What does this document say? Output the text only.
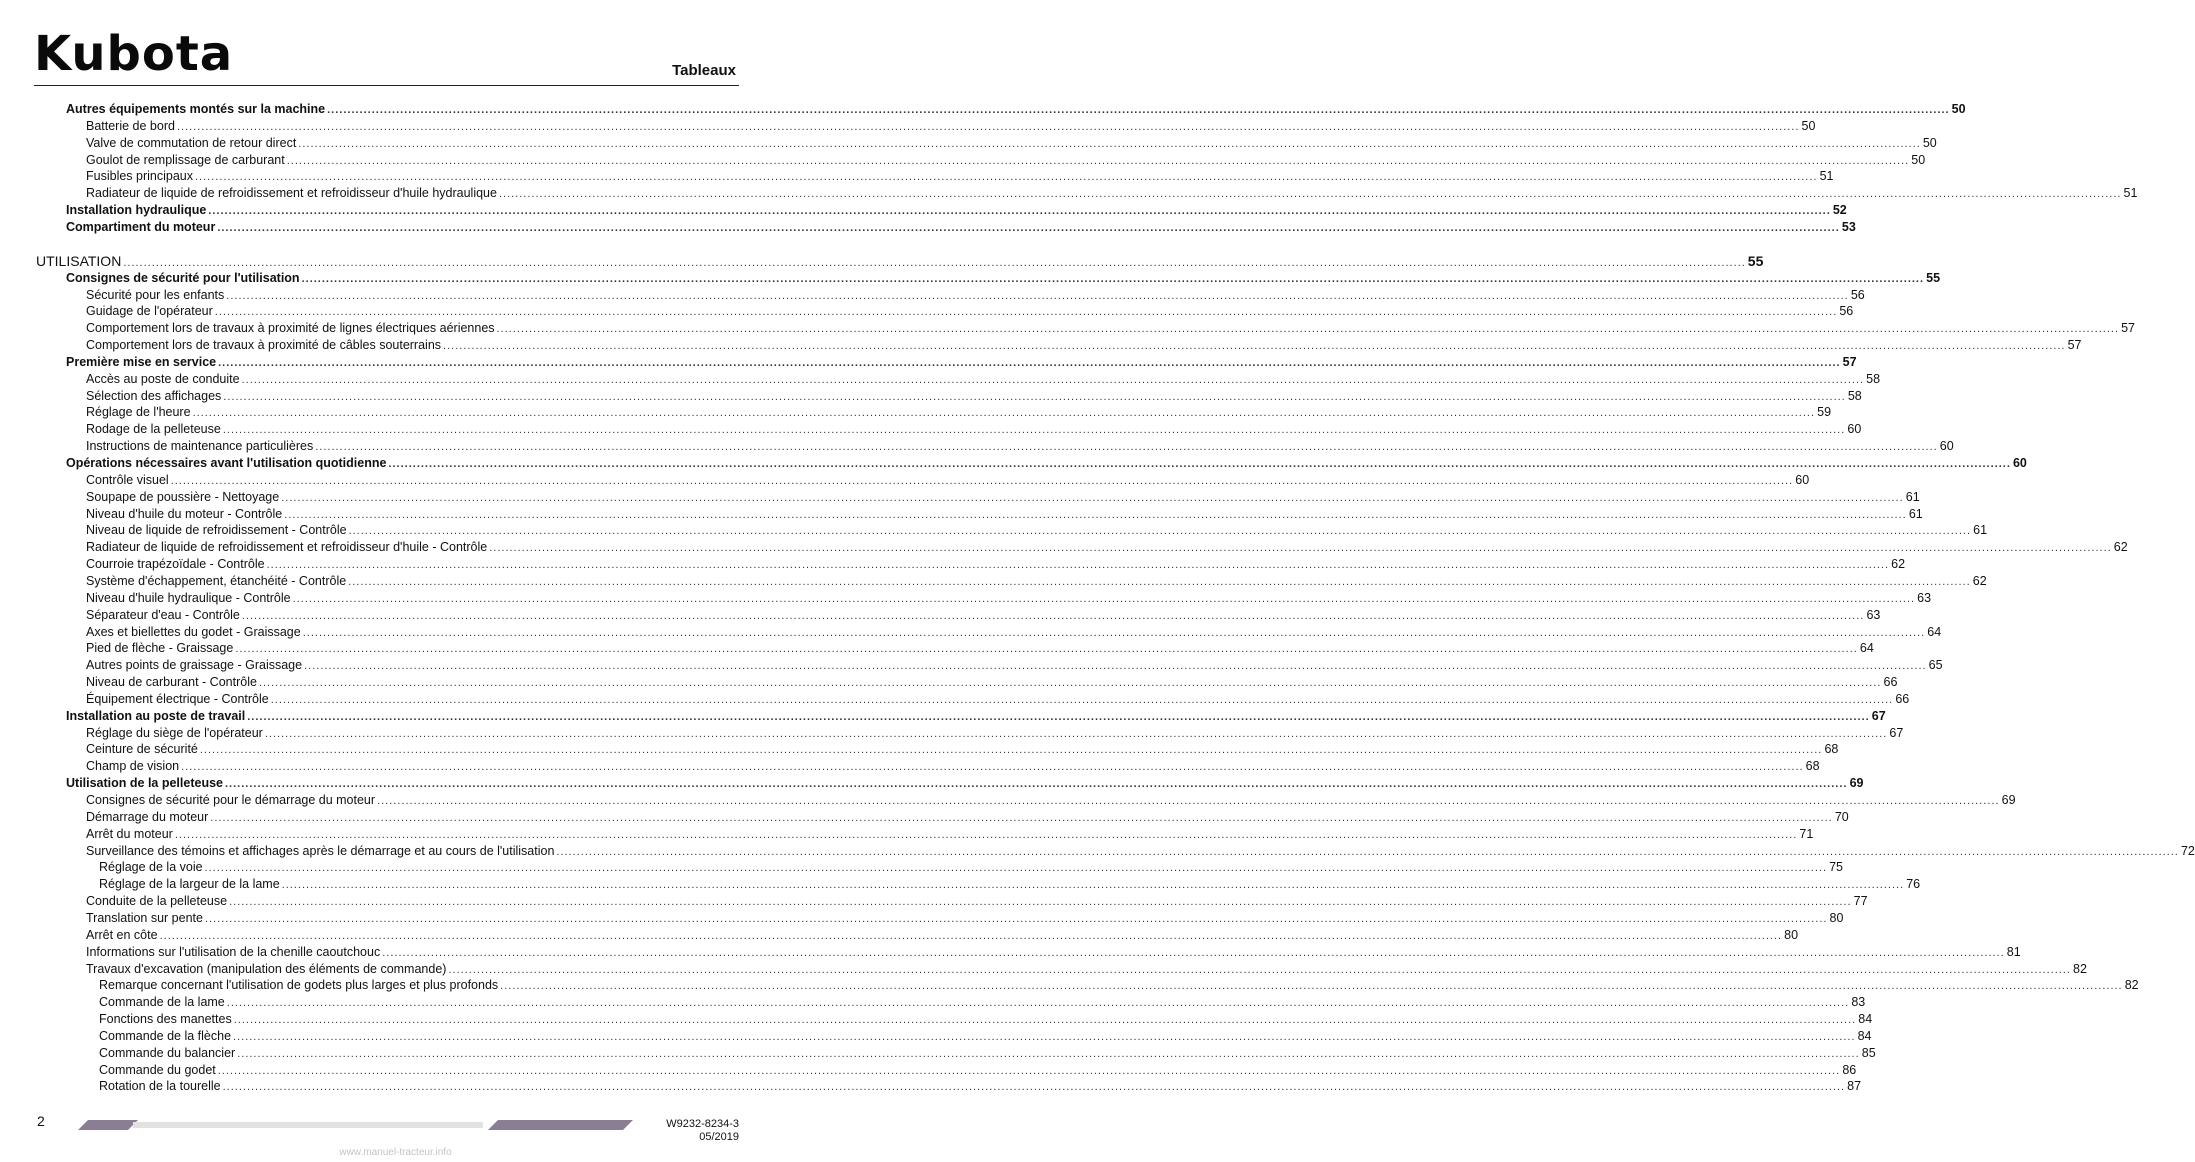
Kubota	Tableaux
Autres équipements montés sur la machine ................................................................................................................................................................................................................................................................................................................................................................................................................ 50
Batterie de bord ................................................................................................................................................................................................................................................................................................................................................................................................................ 50
Valve de commutation de retour direct ................................................................................................................................................................................................................................................................................................................................................................................................................ 50
Goulot de remplissage de carburant ................................................................................................................................................................................................................................................................................................................................................................................................................ 50
Fusibles principaux ................................................................................................................................................................................................................................................................................................................................................................................................................ 51
Radiateur de liquide de refroidissement et refroidisseur d'huile hydraulique ................................................................................................................................................................................................................................................................................................................................................................................................................ 51
Installation hydraulique ................................................................................................................................................................................................................................................................................................................................................................................................................ 52
Compartiment du moteur ................................................................................................................................................................................................................................................................................................................................................................................................................ 53
UTILISATION ................................................................................................................................................................................................................................................................................................................................................................................................................ 55
Consignes de sécurité pour l'utilisation ................................................................................................................................................................................................................................................................................................................................................................................................................ 55
Sécurité pour les enfants ................................................................................................................................................................................................................................................................................................................................................................................................................ 56
Guidage de l'opérateur ................................................................................................................................................................................................................................................................................................................................................................................................................ 56
Comportement lors de travaux à proximité de lignes électriques aériennes ................................................................................................................................................................................................................................................................................................................................................................................................................ 57
Comportement lors de travaux à proximité de câbles souterrains ................................................................................................................................................................................................................................................................................................................................................................................................................ 57
Première mise en service ................................................................................................................................................................................................................................................................................................................................................................................................................ 57
Accès au poste de conduite ................................................................................................................................................................................................................................................................................................................................................................................................................ 58
Sélection des affichages ................................................................................................................................................................................................................................................................................................................................................................................................................ 58
Réglage de l'heure ................................................................................................................................................................................................................................................................................................................................................................................................................ 59
Rodage de la pelleteuse ................................................................................................................................................................................................................................................................................................................................................................................................................ 60
Instructions de maintenance particulières ................................................................................................................................................................................................................................................................................................................................................................................................................ 60
Opérations nécessaires avant l'utilisation quotidienne ................................................................................................................................................................................................................................................................................................................................................................................................................ 60
Contrôle visuel ................................................................................................................................................................................................................................................................................................................................................................................................................ 60
Soupape de poussière - Nettoyage ................................................................................................................................................................................................................................................................................................................................................................................................................ 61
Niveau d'huile du moteur - Contrôle ................................................................................................................................................................................................................................................................................................................................................................................................................ 61
Niveau de liquide de refroidissement - Contrôle ................................................................................................................................................................................................................................................................................................................................................................................................................ 61
Radiateur de liquide de refroidissement et refroidisseur d'huile - Contrôle ................................................................................................................................................................................................................................................................................................................................................................................................................ 62
Courroie trapézoïdale - Contrôle ................................................................................................................................................................................................................................................................................................................................................................................................................ 62
Système d'échappement, étanchéité - Contrôle ................................................................................................................................................................................................................................................................................................................................................................................................................ 62
Niveau d'huile hydraulique - Contrôle ................................................................................................................................................................................................................................................................................................................................................................................................................ 63
Séparateur d'eau - Contrôle ................................................................................................................................................................................................................................................................................................................................................................................................................ 63
Axes et biellettes du godet - Graissage ................................................................................................................................................................................................................................................................................................................................................................................................................ 64
Pied de flèche - Graissage ................................................................................................................................................................................................................................................................................................................................................................................................................ 64
Autres points de graissage - Graissage ................................................................................................................................................................................................................................................................................................................................................................................................................ 65
Niveau de carburant - Contrôle ................................................................................................................................................................................................................................................................................................................................................................................................................ 66
Équipement électrique - Contrôle ................................................................................................................................................................................................................................................................................................................................................................................................................ 66
Installation au poste de travail ................................................................................................................................................................................................................................................................................................................................................................................................................ 67
Réglage du siège de l'opérateur ................................................................................................................................................................................................................................................................................................................................................................................................................ 67
Ceinture de sécurité ................................................................................................................................................................................................................................................................................................................................................................................................................ 68
Champ de vision ................................................................................................................................................................................................................................................................................................................................................................................................................ 68
Utilisation de la pelleteuse ................................................................................................................................................................................................................................................................................................................................................................................................................ 69
Consignes de sécurité pour le démarrage du moteur ................................................................................................................................................................................................................................................................................................................................................................................................................ 69
Démarrage du moteur ................................................................................................................................................................................................................................................................................................................................................................................................................ 70
Arrêt du moteur ................................................................................................................................................................................................................................................................................................................................................................................................................ 71
Surveillance des témoins et affichages après le démarrage et au cours de l'utilisation ................................................................................................................................................................................................................................................................................................................................................................................................................ 72
Réglage de la voie ................................................................................................................................................................................................................................................................................................................................................................................................................ 75
Réglage de la largeur de la lame ................................................................................................................................................................................................................................................................................................................................................................................................................ 76
Conduite de la pelleteuse ................................................................................................................................................................................................................................................................................................................................................................................................................ 77
Translation sur pente ................................................................................................................................................................................................................................................................................................................................................................................................................ 80
Arrêt en côte ................................................................................................................................................................................................................................................................................................................................................................................................................ 80
Informations sur l'utilisation de la chenille caoutchouc ................................................................................................................................................................................................................................................................................................................................................................................................................ 81
Travaux d'excavation (manipulation des éléments de commande) ................................................................................................................................................................................................................................................................................................................................................................................................................ 82
Remarque concernant l'utilisation de godets plus larges et plus profonds ................................................................................................................................................................................................................................................................................................................................................................................................................ 82
Commande de la lame ................................................................................................................................................................................................................................................................................................................................................................................................................ 83
Fonctions des manettes ................................................................................................................................................................................................................................................................................................................................................................................................................ 84
Commande de la flèche ................................................................................................................................................................................................................................................................................................................................................................................................................ 84
Commande du balancier ................................................................................................................................................................................................................................................................................................................................................................................................................ 85
Commande du godet ................................................................................................................................................................................................................................................................................................................................................................................................................ 86
Rotation de la tourelle ................................................................................................................................................................................................................................................................................................................................................................................................................ 87
2	W9232-8234-3
05/2019
www.manuel-tracteur.info
